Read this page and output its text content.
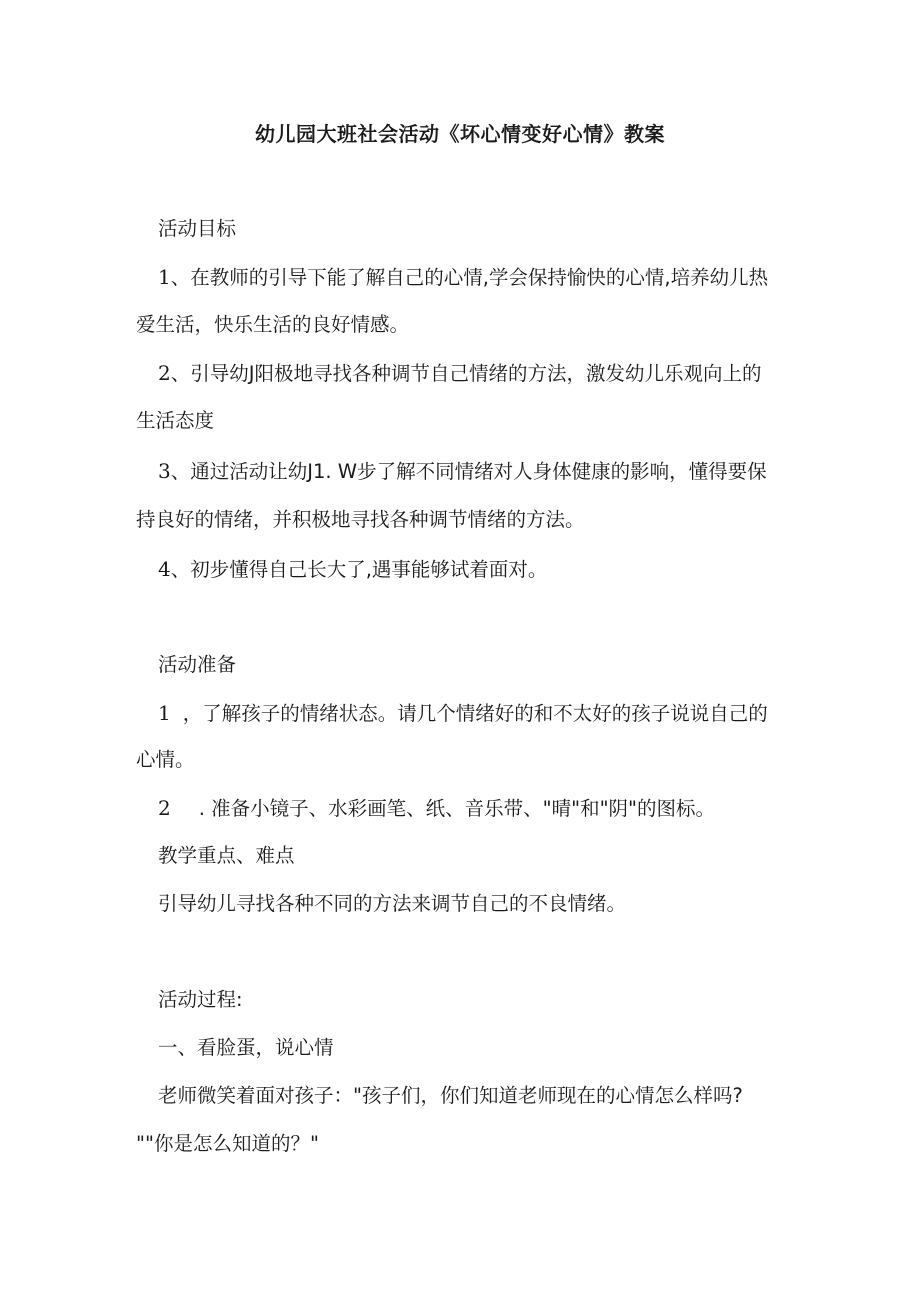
幼儿园大班社会活动《坏心情变好心情》教案
活动目标
1、在教师的引导下能了解自己的心情,学会保持愉快的心情,培养幼儿热
爱生活，快乐生活的良好情感。
2、引导幼J阳极地寻找各种调节自己情绪的方法，激发幼儿乐观向上的
生活态度
3、通过活动让幼J1. W步了解不同情绪对人身体健康的影响，懂得要保
持良好的情绪，并积极地寻找各种调节情绪的方法。
4、初步懂得自己长大了,遇事能够试着面对。
活动准备
1 ，了解孩子的情绪状态。请几个情绪好的和不太好的孩子说说自己的
心情。
2 . 准备小镜子、水彩画笔、纸、音乐带、"晴"和"阴"的图标。
教学重点、难点
引导幼儿寻找各种不同的方法来调节自己的不良情绪。
活动过程:
一、看脸蛋，说心情
老师微笑着面对孩子："孩子们，你们知道老师现在的心情怎么样吗?
""你是怎么知道的？"
